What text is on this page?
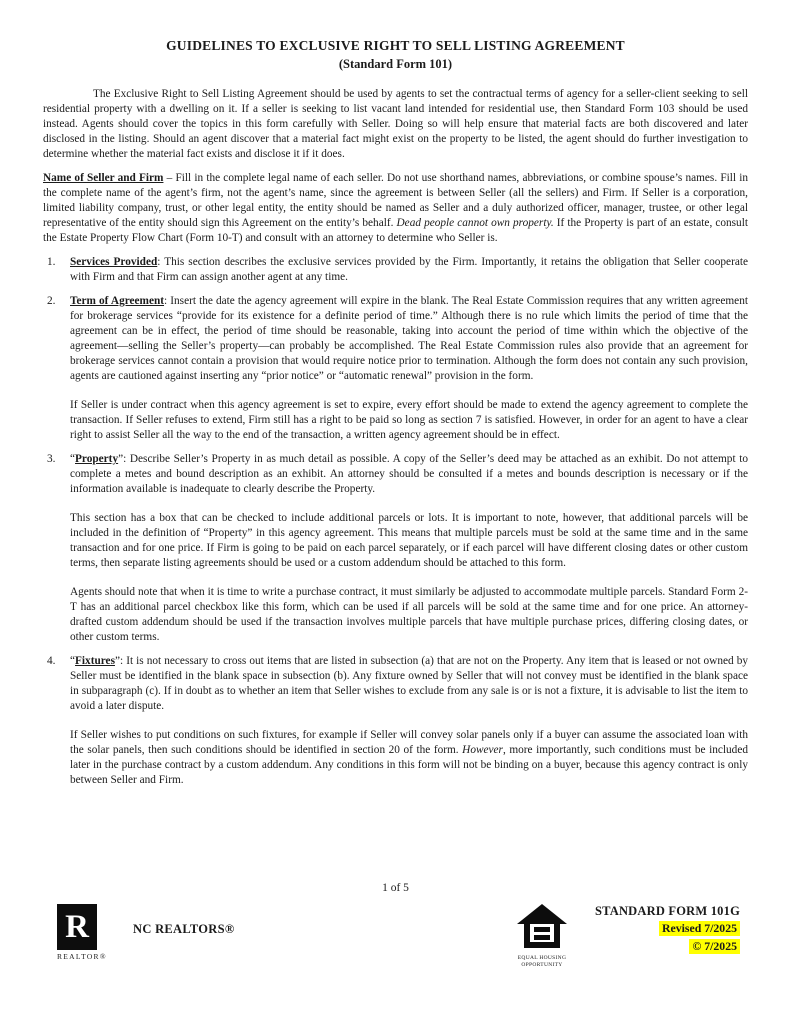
GUIDELINES TO EXCLUSIVE RIGHT TO SELL LISTING AGREEMENT
(Standard Form 101)

The Exclusive Right to Sell Listing Agreement should be used by agents to set the contractual terms of agency for a seller-client seeking to sell residential property with a dwelling on it. If a seller is seeking to list vacant land intended for residential use, then Standard Form 103 should be used instead. Agents should cover the topics in this form carefully with Seller. Doing so will help ensure that material facts are both discovered and later disclosed in the listing. Should an agent discover that a material fact might exist on the property to be listed, the agent should do further investigation to determine whether the material fact exists and disclose it if it does.

Name of Seller and Firm – Fill in the complete legal name of each seller. Do not use shorthand names, abbreviations, or combine spouse’s names. Fill in the complete name of the agent’s firm, not the agent’s name, since the agreement is between Seller (all the sellers) and Firm. If Seller is a corporation, limited liability company, trust, or other legal entity, the entity should be named as Seller and a duly authorized officer, manager, trustee, or other legal representative of the entity should sign this Agreement on the entity’s behalf. Dead people cannot own property. If the Property is part of an estate, consult the Estate Property Flow Chart (Form 10-T) and consult with an attorney to determine who Seller is.

1. Services Provided: This section describes the exclusive services provided by the Firm. Importantly, it retains the obligation that Seller cooperate with Firm and that Firm can assign another agent at any time.

2. Term of Agreement: Insert the date the agency agreement will expire in the blank. The Real Estate Commission requires that any written agreement for brokerage services “provide for its existence for a definite period of time.” Although there is no rule which limits the period of time that the agreement can be in effect, the period of time should be reasonable, taking into account the period of time within which the objective of the agreement—selling the Seller’s property—can probably be accomplished. The Real Estate Commission rules also provide that an agreement for brokerage services cannot contain a provision that would require notice prior to termination. Although the form does not contain any such provision, agents are cautioned against inserting any “prior notice” or “automatic renewal” provision in the form.

If Seller is under contract when this agency agreement is set to expire, every effort should be made to extend the agency agreement to complete the transaction. If Seller refuses to extend, Firm still has a right to be paid so long as section 7 is satisfied. However, in order for an agent to have a clear right to assist Seller all the way to the end of the transaction, a written agency agreement should be in effect.

3. “Property”: Describe Seller’s Property in as much detail as possible. A copy of the Seller’s deed may be attached as an exhibit. Do not attempt to complete a metes and bound description as an exhibit. An attorney should be consulted if a metes and bounds description is necessary or if the information available is inadequate to clearly describe the Property.

This section has a box that can be checked to include additional parcels or lots. It is important to note, however, that additional parcels will be included in the definition of “Property” in this agency agreement. This means that multiple parcels must be sold at the same time and in the same transaction and for one price. If Firm is going to be paid on each parcel separately, or if each parcel will have different closing dates or other custom terms, then separate listing agreements should be used or a custom addendum should be attached to this form.

Agents should note that when it is time to write a purchase contract, it must similarly be adjusted to accommodate multiple parcels. Standard Form 2-T has an additional parcel checkbox like this form, which can be used if all parcels will be sold at the same time and for one price. An attorney-drafted custom addendum should be used if the transaction involves multiple parcels that have multiple purchase prices, differing closing dates, or other custom terms.

4. “Fixtures”: It is not necessary to cross out items that are listed in subsection (a) that are not on the Property. Any item that is leased or not owned by Seller must be identified in the blank space in subsection (b). Any fixture owned by Seller that will not convey must be identified in the blank space in subparagraph (c). If in doubt as to whether an item that Seller wishes to exclude from any sale is or is not a fixture, it is advisable to list the item to avoid a later dispute.

If Seller wishes to put conditions on such fixtures, for example if Seller will convey solar panels only if a buyer can assume the associated loan with the solar panels, then such conditions should be identified in section 20 of the form. However, more importantly, such conditions must be included later in the purchase contract by a custom addendum. Any conditions in this form will not be binding on a buyer, because this agency contract is only between Seller and Firm.

1 of 5
R
REALTOR®
NC REALTORS®
EQUAL HOUSING
OPPORTUNITY
STANDARD FORM 101G
Revised 7/2025
© 7/2025
